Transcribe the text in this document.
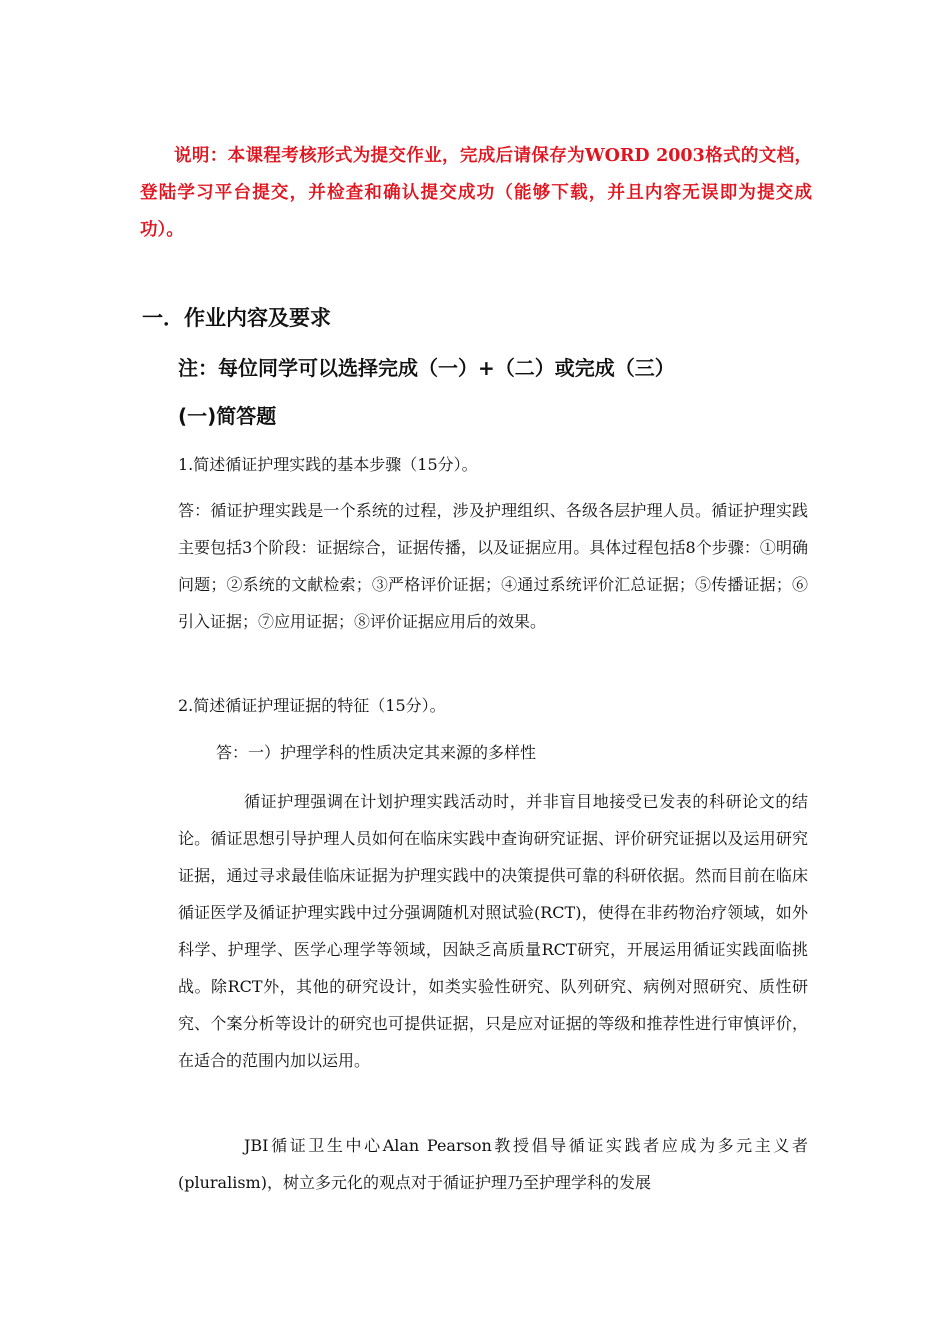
说明：本课程考核形式为提交作业，完成后请保存为WORD 2003格式的文档，登陆学习平台提交，并检查和确认提交成功（能够下载，并且内容无误即为提交成功）。

一．作业内容及要求

注：每位同学可以选择完成（一）+（二）或完成（三）

(一)简答题

1.简述循证护理实践的基本步骤（15分）。

答：循证护理实践是一个系统的过程，涉及护理组织、各级各层护理人员。循证护理实践主要包括3个阶段：证据综合，证据传播，以及证据应用。具体过程包括8个步骤：①明确问题；②系统的文献检索；③严格评价证据；④通过系统评价汇总证据；⑤传播证据；⑥引入证据；⑦应用证据；⑧评价证据应用后的效果。

2.简述循证护理证据的特征（15分）。

答：一）护理学科的性质决定其来源的多样性

循证护理强调在计划护理实践活动时，并非盲目地接受已发表的科研论文的结论。循证思想引导护理人员如何在临床实践中查询研究证据、评价研究证据以及运用研究证据，通过寻求最佳临床证据为护理实践中的决策提供可靠的科研依据。然而目前在临床循证医学及循证护理实践中过分强调随机对照试验(RCT)，使得在非药物治疗领域，如外科学、护理学、医学心理学等领域，因缺乏高质量RCT研究，开展运用循证实践面临挑战。除RCT外，其他的研究设计，如类实验性研究、队列研究、病例对照研究、质性研究、个案分析等设计的研究也可提供证据，只是应对证据的等级和推荐性进行审慎评价，在适合的范围内加以运用。

JBI循证卫生中心Alan Pearson教授倡导循证实践者应成为多元主义者(pluralism)，树立多元化的观点对于循证护理乃至护理学科的发展
